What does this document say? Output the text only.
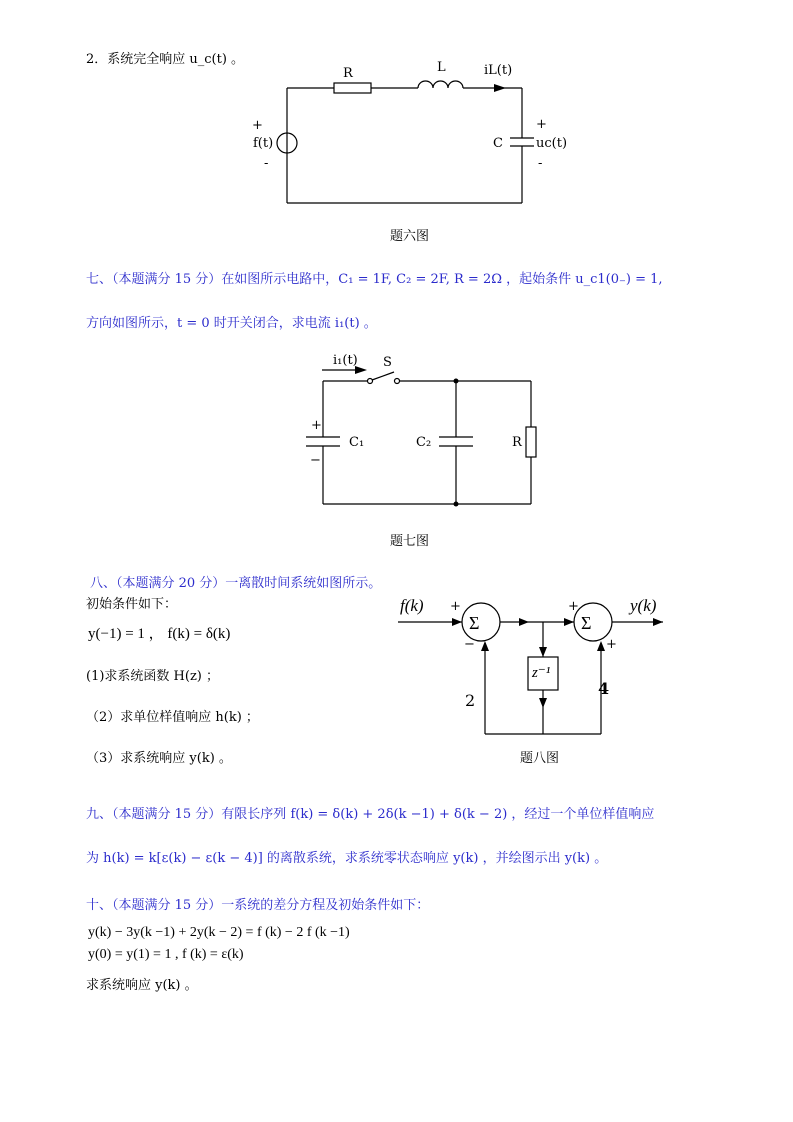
2．系统完全响应 u_c(t) 。
R	L	iL(t)
+
f(t)
-
+
C	uc(t)
-
题六图
七、（本题满分 15 分）在如图所示电路中，C₁ = 1F, C₂ = 2F, R = 2Ω ，起始条件 u_c1(0₋) = 1,
方向如图所示，t = 0 时开关闭合，求电流 i₁(t) 。
i₁(t) S
+
C₁
−
C₂	R
题七图
八、（本题满分 20 分）一离散时间系统如图所示。
初始条件如下：
y(−1) = 1 ， f(k) = δ(k)
(1)求系统函数 H(z) ；
（2）求单位样值响应 h(k) ；
（3）求系统响应 y(k) 。
Σ	Σ
f(k) +
−
+	y(k)
+
z⁻¹
2
4
题八图
九、（本题满分 15 分）有限长序列 f(k) = δ(k) + 2δ(k −1) + δ(k − 2) ，经过一个单位样值响应
为 h(k) = k[ε(k) − ε(k − 4)] 的离散系统，求系统零状态响应 y(k) ，并绘图示出 y(k) 。
十、（本题满分 15 分）一系统的差分方程及初始条件如下：
y(k) − 3y(k −1) + 2y(k − 2) = f (k) − 2 f (k −1)
y(0) = y(1) = 1 , f (k) = ε(k)
求系统响应 y(k) 。
